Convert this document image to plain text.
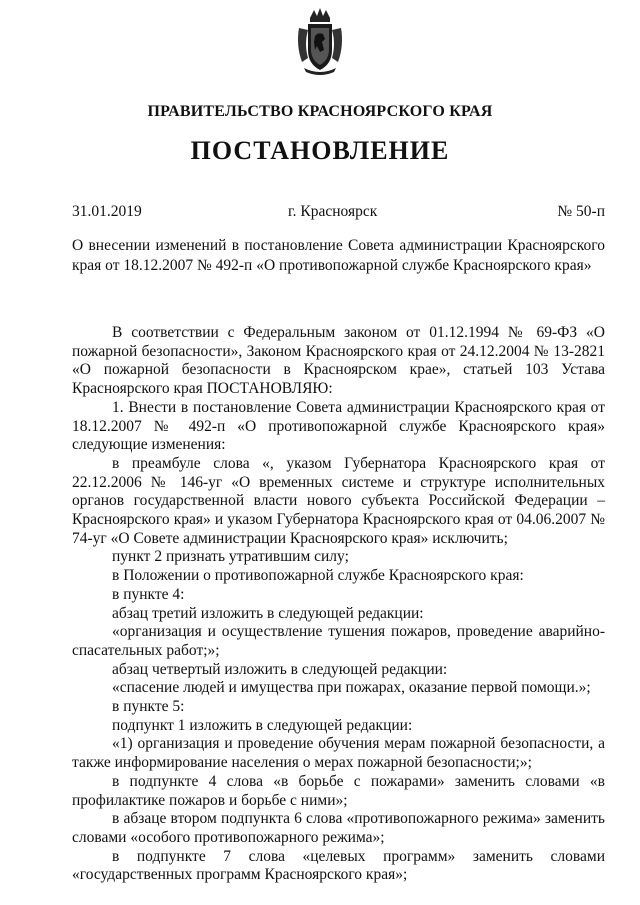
ПРАВИТЕЛЬСТВО КРАСНОЯРСКОГО КРАЯ
ПОСТАНОВЛЕНИЕ
31.01.2019	г. Красноярск	№ 50-п
О внесении изменений в постановление Совета администрации Красноярского края от 18.12.2007 № 492-п «О противопожарной службе Красноярского края»

В соответствии с Федеральным законом от 01.12.1994 № 69-ФЗ «О пожарной безопасности», Законом Красноярского края от 24.12.2004 № 13-2821 «О пожарной безопасности в Красноярском крае», статьей 103 Устава Красноярского края ПОСТАНОВЛЯЮ:

1. Внести в постановление Совета администрации Красноярского края от 18.12.2007 № 492-п «О противопожарной службе Красноярского края» следующие изменения:

в преамбуле слова «, указом Губернатора Красноярского края от 22.12.2006 № 146-уг «О временных системе и структуре исполнительных органов государственной власти нового субъекта Российской Федерации – Красноярского края» и указом Губернатора Красноярского края от 04.06.2007 № 74-уг «О Совете администрации Красноярского края» исключить;

пункт 2 признать утратившим силу;

в Положении о противопожарной службе Красноярского края:

в пункте 4:

абзац третий изложить в следующей редакции:

«организация и осуществление тушения пожаров, проведение аварийно-спасательных работ;»;

абзац четвертый изложить в следующей редакции:

«спасение людей и имущества при пожарах, оказание первой помощи.»;

в пункте 5:

подпункт 1 изложить в следующей редакции:

«1) организация и проведение обучения мерам пожарной безопасности, а также информирование населения о мерах пожарной безопасности;»;

в подпункте 4 слова «в борьбе с пожарами» заменить словами «в профилактике пожаров и борьбе с ними»;

в абзаце втором подпункта 6 слова «противопожарного режима» заменить словами «особого противопожарного режима»;

в подпункте 7 слова «целевых программ» заменить словами «государственных программ Красноярского края»;
